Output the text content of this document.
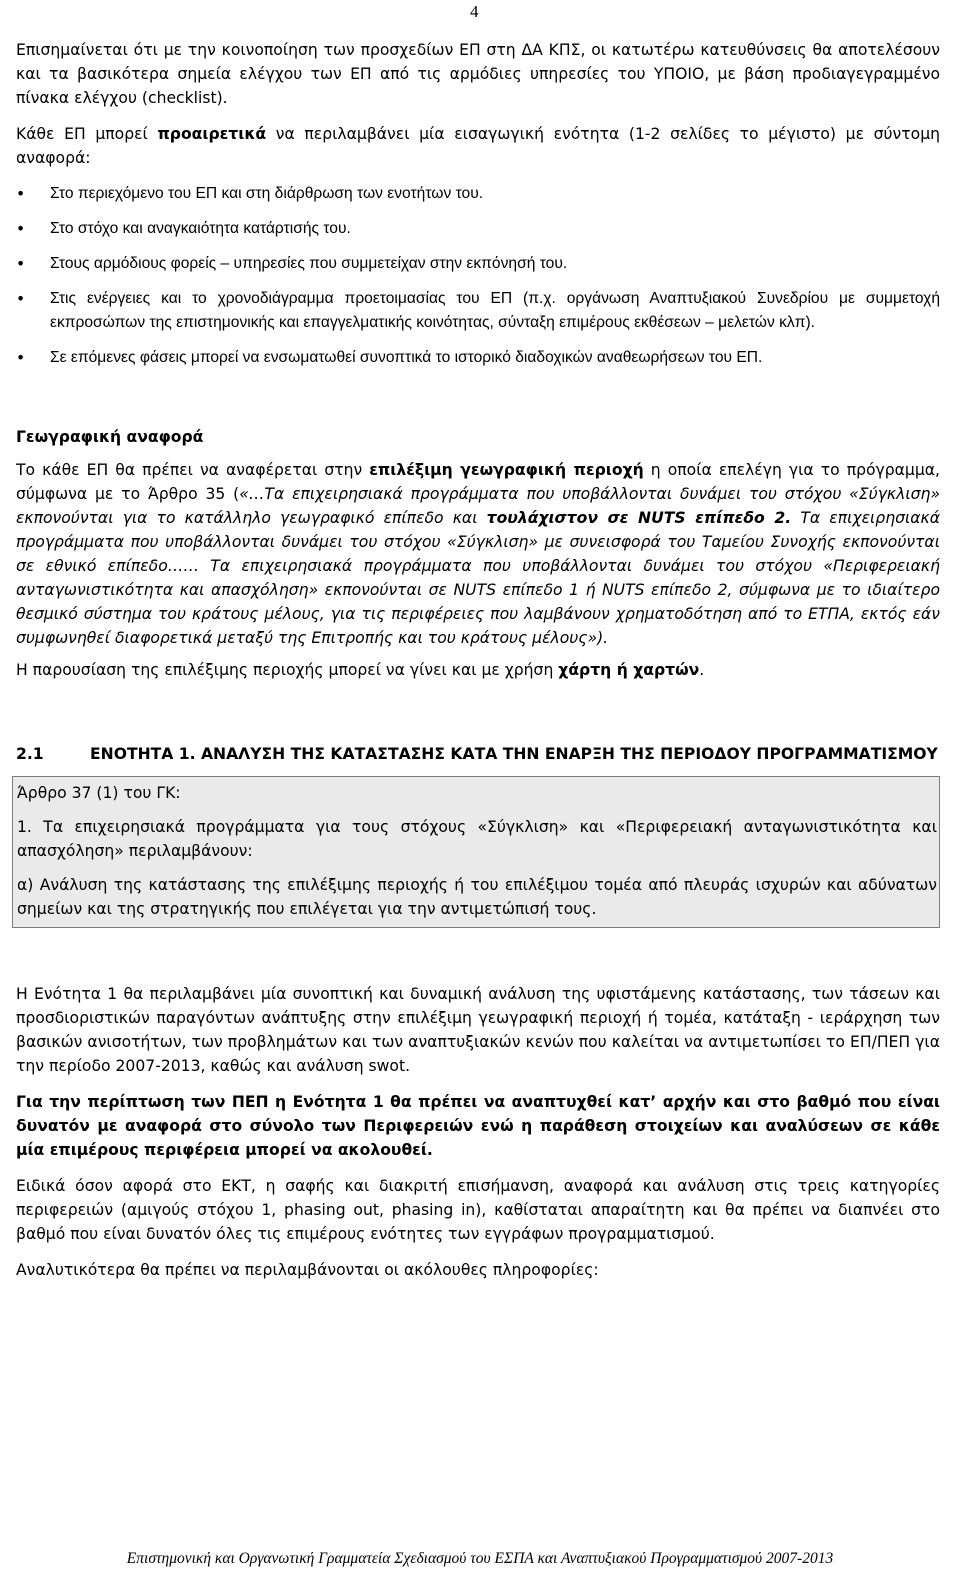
4

Επισημαίνεται ότι με την κοινοποίηση των προσχεδίων ΕΠ στη ΔΑ ΚΠΣ, οι κατωτέρω κατευθύνσεις θα αποτελέσουν και τα βασικότερα σημεία ελέγχου των ΕΠ από τις αρμόδιες υπηρεσίες του ΥΠΟΙΟ, με βάση προδιαγεγραμμένο πίνακα ελέγχου (checklist).

Κάθε ΕΠ μπορεί προαιρετικά να περιλαμβάνει μία εισαγωγική ενότητα (1-2 σελίδες το μέγιστο) με σύντομη αναφορά:

• Στο περιεχόμενο του ΕΠ και στη διάρθρωση των ενοτήτων του.
• Στο στόχο και αναγκαιότητα κατάρτισής του.
• Στους αρμόδιους φορείς – υπηρεσίες που συμμετείχαν στην εκπόνησή του.
• Στις ενέργειες και το χρονοδιάγραμμα προετοιμασίας του ΕΠ (π.χ. οργάνωση Αναπτυξιακού Συνεδρίου με συμμετοχή εκπροσώπων της επιστημονικής και επαγγελματικής κοινότητας, σύνταξη επιμέρους εκθέσεων – μελετών κλπ).
• Σε επόμενες φάσεις μπορεί να ενσωματωθεί συνοπτικά το ιστορικό διαδοχικών αναθεωρήσεων του ΕΠ.
Γεωγραφική αναφορά

Το κάθε ΕΠ θα πρέπει να αναφέρεται στην επιλέξιμη γεωγραφική περιοχή η οποία επελέγη για το πρόγραμμα, σύμφωνα με το Άρθρο 35 («…Τα επιχειρησιακά προγράμματα που υποβάλλονται δυνάμει του στόχου «Σύγκλιση» εκπονούνται για το κατάλληλο γεωγραφικό επίπεδο και τουλάχιστον σε NUTS επίπεδο 2. Τα επιχειρησιακά προγράμματα που υποβάλλονται δυνάμει του στόχου «Σύγκλιση» με συνεισφορά του Ταμείου Συνοχής εκπονούνται σε εθνικό επίπεδο…… Τα επιχειρησιακά προγράμματα που υποβάλλονται δυνάμει του στόχου «Περιφερειακή ανταγωνιστικότητα και απασχόληση» εκπονούνται σε NUTS επίπεδο 1 ή NUTS επίπεδο 2, σύμφωνα με το ιδιαίτερο θεσμικό σύστημα του κράτους μέλους, για τις περιφέρειες που λαμβάνουν χρηματοδότηση από το ΕΤΠΑ, εκτός εάν συμφωνηθεί διαφορετικά μεταξύ της Επιτροπής και του κράτους μέλους»).

Η παρουσίαση της επιλέξιμης περιοχής μπορεί να γίνει και με χρήση χάρτη ή χαρτών.

2.1	ΕΝΟΤΗΤΑ 1. ΑΝΑΛΥΣΗ ΤΗΣ ΚΑΤΑΣΤΑΣΗΣ ΚΑΤΑ ΤΗΝ ΕΝΑΡΞΗ ΤΗΣ ΠΕΡΙΟΔΟΥ ΠΡΟΓΡΑΜΜΑΤΙΣΜΟΥ

Άρθρο 37 (1) του ΓΚ:

1. Τα επιχειρησιακά προγράμματα για τους στόχους «Σύγκλιση» και «Περιφερειακή ανταγωνιστικότητα και απασχόληση» περιλαμβάνουν:

α) Ανάλυση της κατάστασης της επιλέξιμης περιοχής ή του επιλέξιμου τομέα από πλευράς ισχυρών και αδύνατων σημείων και της στρατηγικής που επιλέγεται για την αντιμετώπισή τους.

Η Ενότητα 1 θα περιλαμβάνει μία συνοπτική και δυναμική ανάλυση της υφιστάμενης κατάστασης, των τάσεων και προσδιοριστικών παραγόντων ανάπτυξης στην επιλέξιμη γεωγραφική περιοχή ή τομέα, κατάταξη - ιεράρχηση των βασικών ανισοτήτων, των προβλημάτων και των αναπτυξιακών κενών που καλείται να αντιμετωπίσει το ΕΠ/ΠΕΠ για την περίοδο 2007-2013, καθώς και ανάλυση swot.

Για την περίπτωση των ΠΕΠ η Ενότητα 1 θα πρέπει να αναπτυχθεί κατ’ αρχήν και στο βαθμό που είναι δυνατόν με αναφορά στο σύνολο των Περιφερειών ενώ η παράθεση στοιχείων και αναλύσεων σε κάθε μία επιμέρους περιφέρεια μπορεί να ακολουθεί.

Ειδικά όσον αφορά στο ΕΚΤ, η σαφής και διακριτή επισήμανση, αναφορά και ανάλυση στις τρεις κατηγορίες περιφερειών (αμιγούς στόχου 1, phasing out, phasing in), καθίσταται απαραίτητη και θα πρέπει να διαπνέει στο βαθμό που είναι δυνατόν όλες τις επιμέρους ενότητες των εγγράφων προγραμματισμού.

Αναλυτικότερα θα πρέπει να περιλαμβάνονται οι ακόλουθες πληροφορίες:

Επιστημονική και Οργανωτική Γραμματεία Σχεδιασμού του ΕΣΠΑ και Αναπτυξιακού Προγραμματισμού 2007-2013
